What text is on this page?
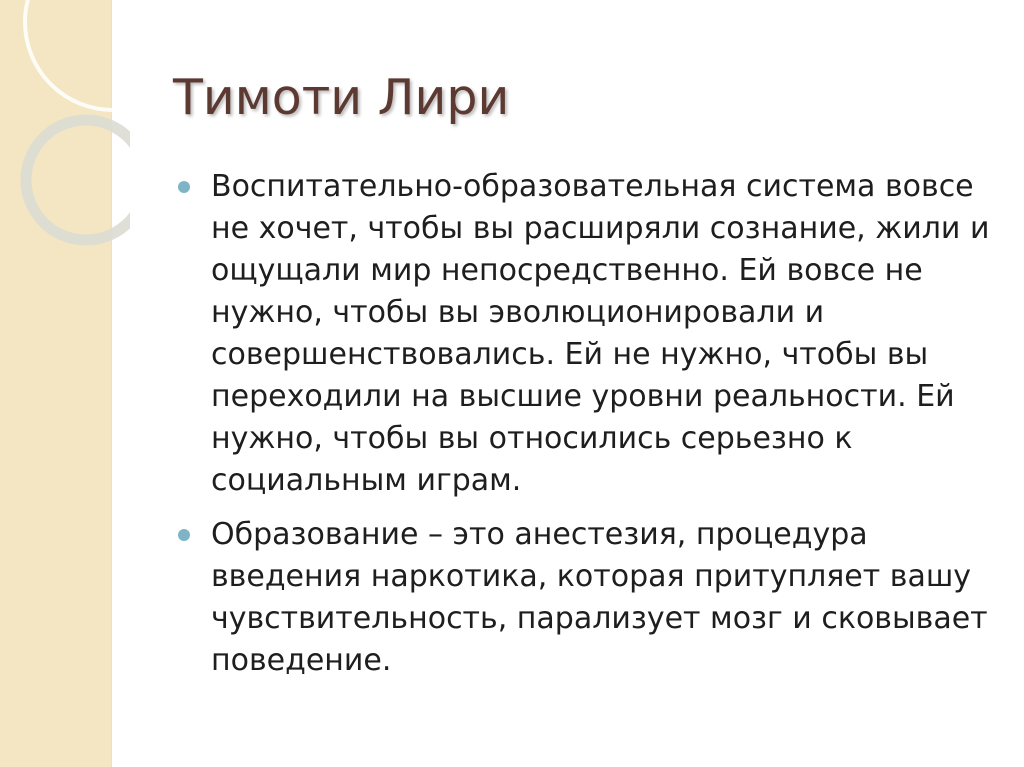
Тимоти Лири
Воспитательно-образовательная система вовсе не хочет, чтобы вы расширяли сознание, жили и ощущали мир непосредственно. Ей вовсе не нужно, чтобы вы эволюционировали и совершенствовались. Ей не нужно, чтобы вы переходили на высшие уровни реальности. Ей нужно, чтобы вы относились серьезно к социальным играм.
Образование – это анестезия, процедура введения наркотика, которая притупляет вашу чувствительность, парализует мозг и сковывает поведение.
